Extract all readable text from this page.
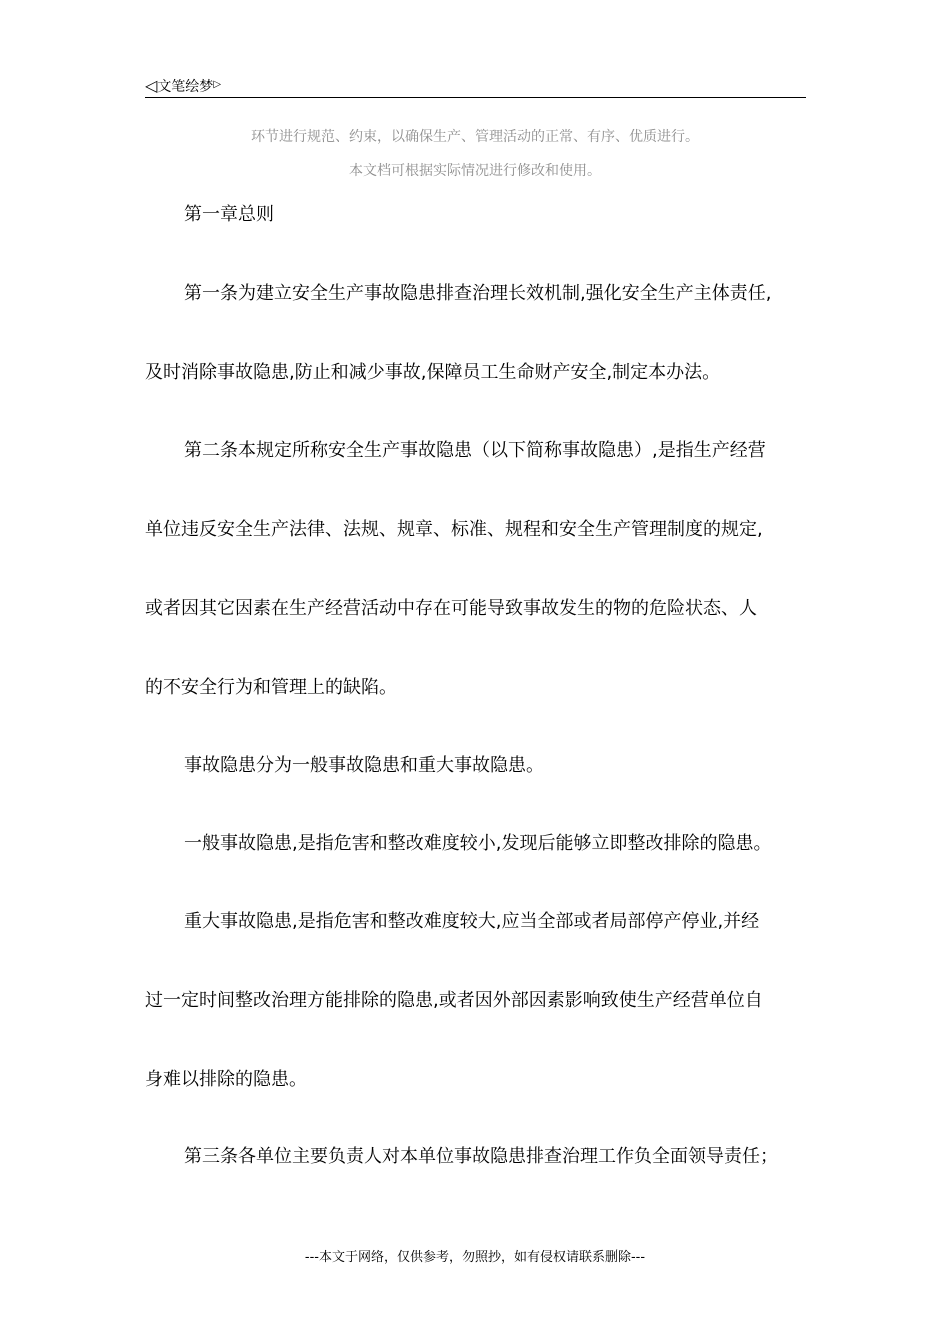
◁文笔绘梦▷
环节进行规范、约束，以确保生产、管理活动的正常、有序、优质进行。
本文档可根据实际情况进行修改和使用。
第一章总则
第一条为建立安全生产事故隐患排查治理长效机制,强化安全生产主体责任,
及时消除事故隐患,防止和减少事故,保障员工生命财产安全,制定本办法。
第二条本规定所称安全生产事故隐患（以下简称事故隐患）,是指生产经营
单位违反安全生产法律、法规、规章、标准、规程和安全生产管理制度的规定,
或者因其它因素在生产经营活动中存在可能导致事故发生的物的危险状态、人
的不安全行为和管理上的缺陷。
事故隐患分为一般事故隐患和重大事故隐患。
一般事故隐患,是指危害和整改难度较小,发现后能够立即整改排除的隐患。
重大事故隐患,是指危害和整改难度较大,应当全部或者局部停产停业,并经
过一定时间整改治理方能排除的隐患,或者因外部因素影响致使生产经营单位自
身难以排除的隐患。
第三条各单位主要负责人对本单位事故隐患排查治理工作负全面领导责任；
---本文于网络，仅供参考，勿照抄，如有侵权请联系删除---
